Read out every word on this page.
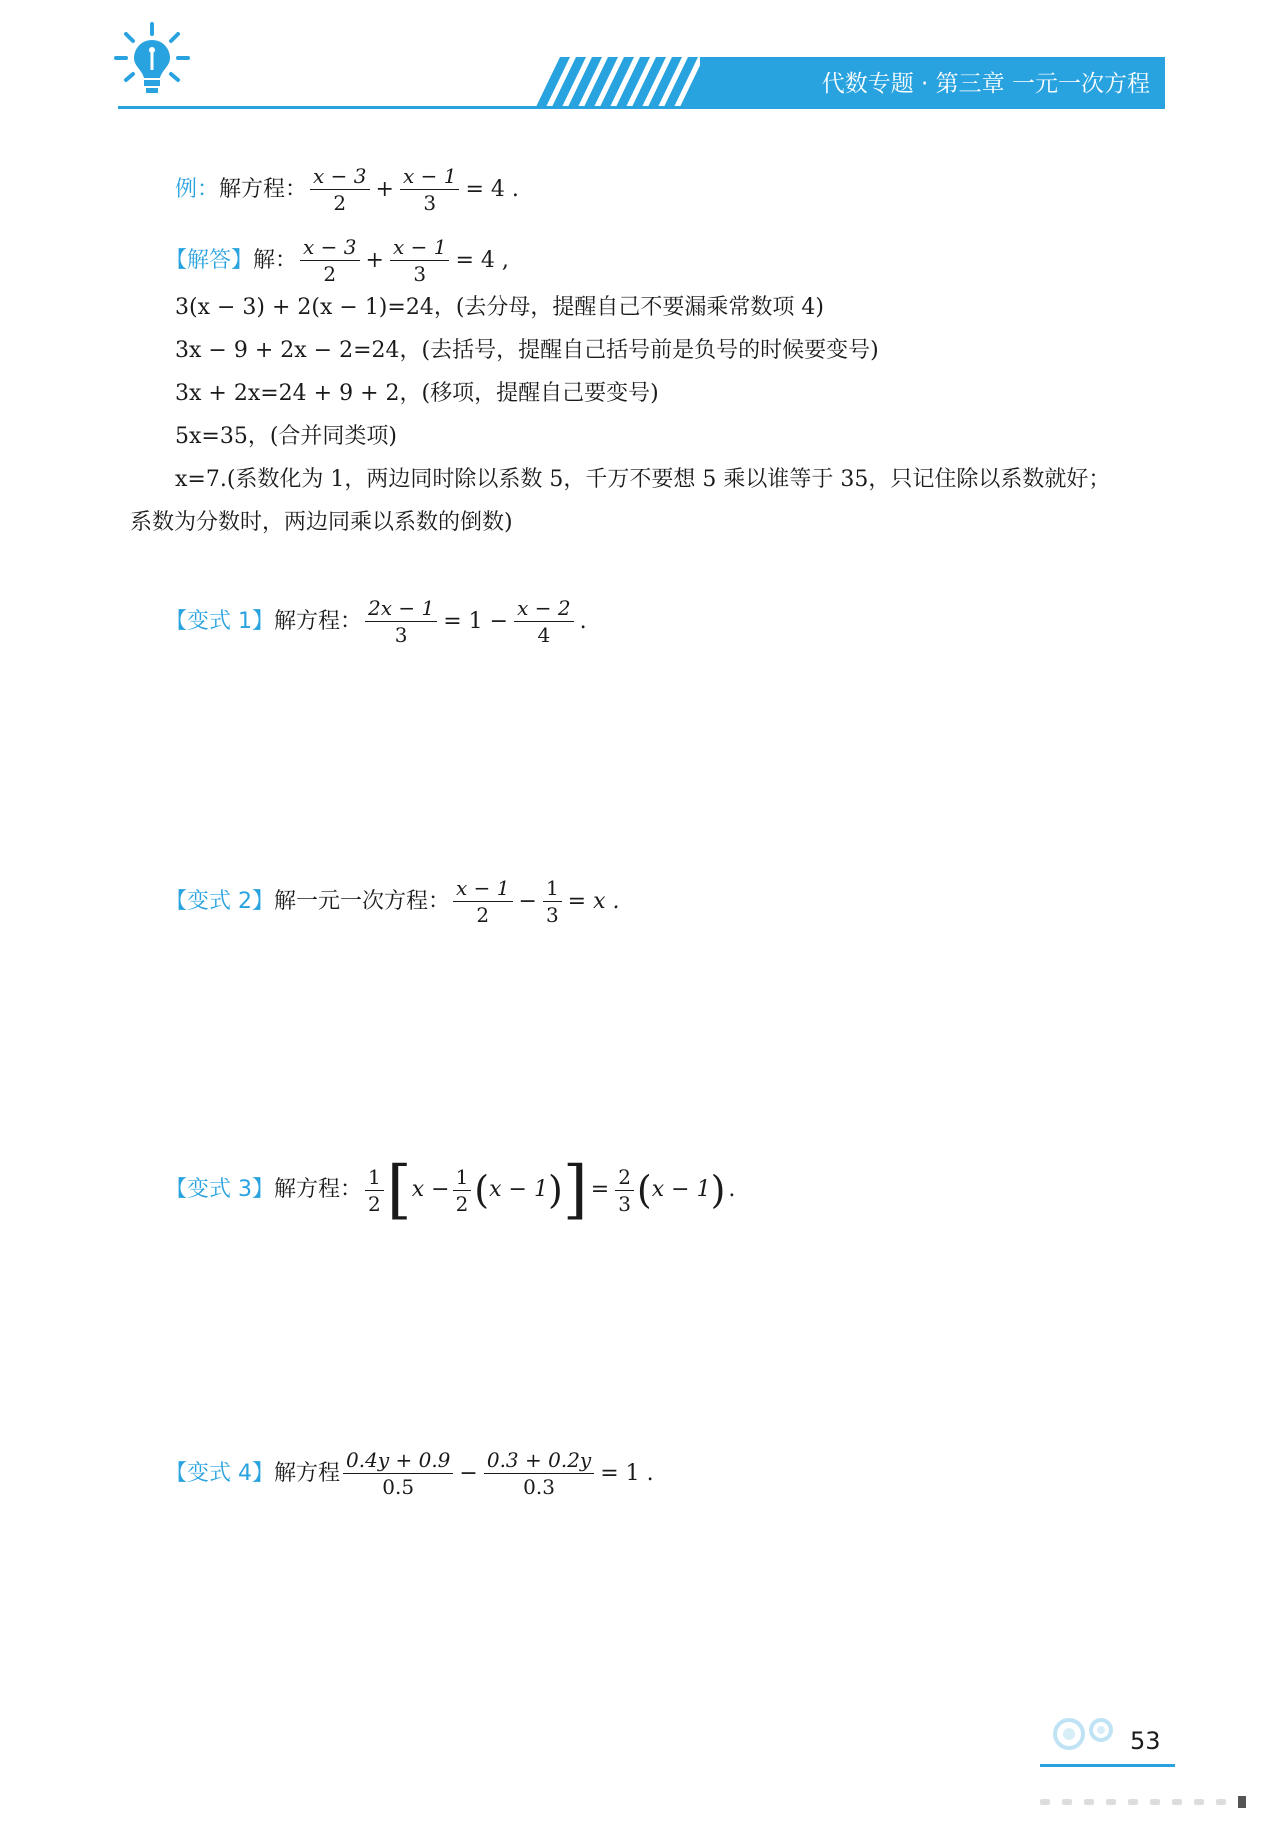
代数专题 · 第三章 一元一次方程
例： 解方程： $\frac{x - 3}{2} + \frac{x - 1}{3} = 4$ .
【解答】 解： $\frac{x - 3}{2} + \frac{x - 1}{3} = 4$ ,
3(x − 3) + 2(x − 1)=24， (去分母，提醒自己不要漏乘常数项 4)
3x − 9 + 2x − 2=24， (去括号，提醒自己括号前是负号的时候要变号)
3x + 2x=24 + 9 + 2， (移项，提醒自己要变号)
5x=35， (合并同类项)
x=7. (系数化为 1，两边同时除以系数 5，千万不要想 5 乘以谁等于 35，只记住除以系数就好；
系数为分数时，两边同乘以系数的倒数)
【变式 1】 解方程： $\frac{2x - 1}{3} = 1 - \frac{x - 2}{4}$ .
【变式 2】 解一元一次方程： $\frac{x - 1}{2} - \frac{1}{3} = x$ .
【变式 3】 解方程： $\frac{1}{2}$ [ $x - \frac{1}{2}$ ( x − 1 ) ] = $\frac{2}{3}$ ( x − 1 ) .
【变式 4】 解方程 $\frac{0.4y + 0.9}{0.5} - \frac{0.3 + 0.2y}{0.3} = 1$ .
53
